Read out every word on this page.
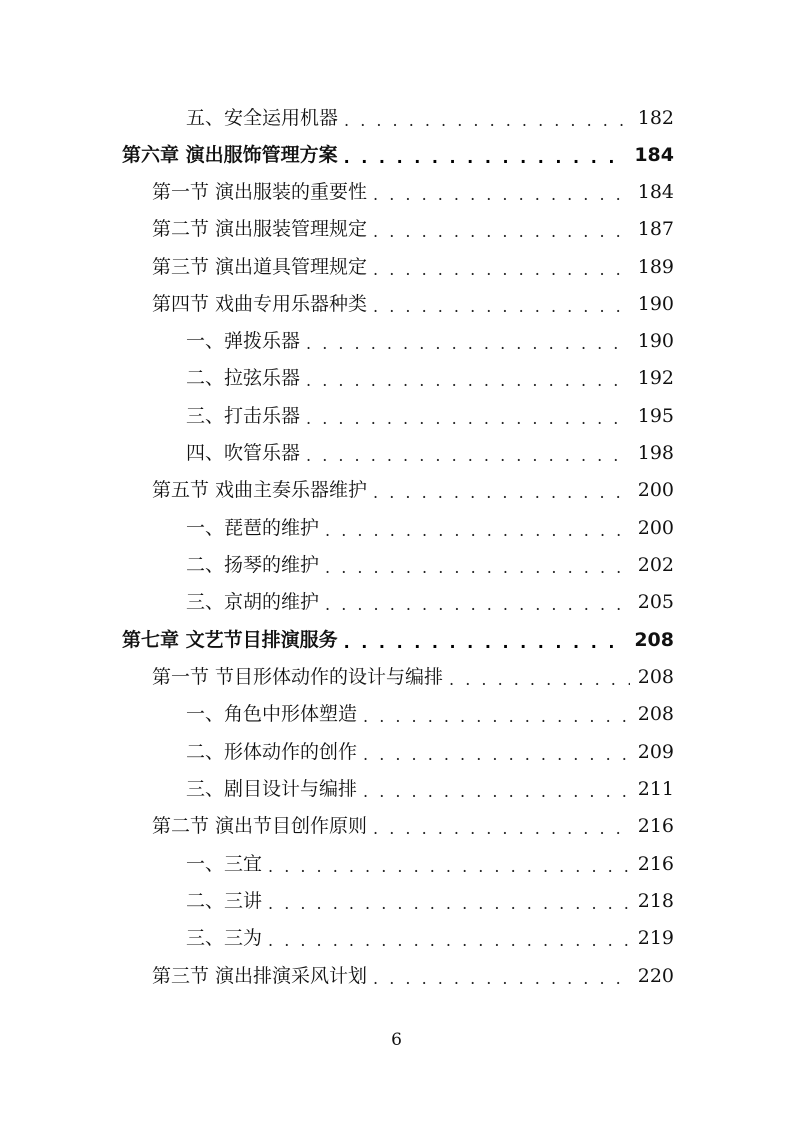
五、安全运用机器 . . .	182
第六章 演出服饰管理方案 . . .	184
第一节 演出服装的重要性 . . .	184
第二节 演出服装管理规定 . . .	187
第三节 演出道具管理规定 . . .	189
第四节 戏曲专用乐器种类 . . .	190
一、弹拨乐器 . . .	190
二、拉弦乐器 . . .	192
三、打击乐器 . . .	195
四、吹管乐器 . . .	198
第五节 戏曲主奏乐器维护 . . .	200
一、琵琶的维护 . . .	200
二、扬琴的维护 . . .	202
三、京胡的维护 . . .	205
第七章 文艺节目排演服务 . . .	208
第一节 节目形体动作的设计与编排 . . .	208
一、角色中形体塑造 . . .	208
二、形体动作的创作 . . .	209
三、剧目设计与编排 . . .	211
第二节 演出节目创作原则 . . .	216
一、三宜 . . .	216
二、三讲 . . .	218
三、三为 . . .	219
第三节 演出排演采风计划 . . .	220
6
